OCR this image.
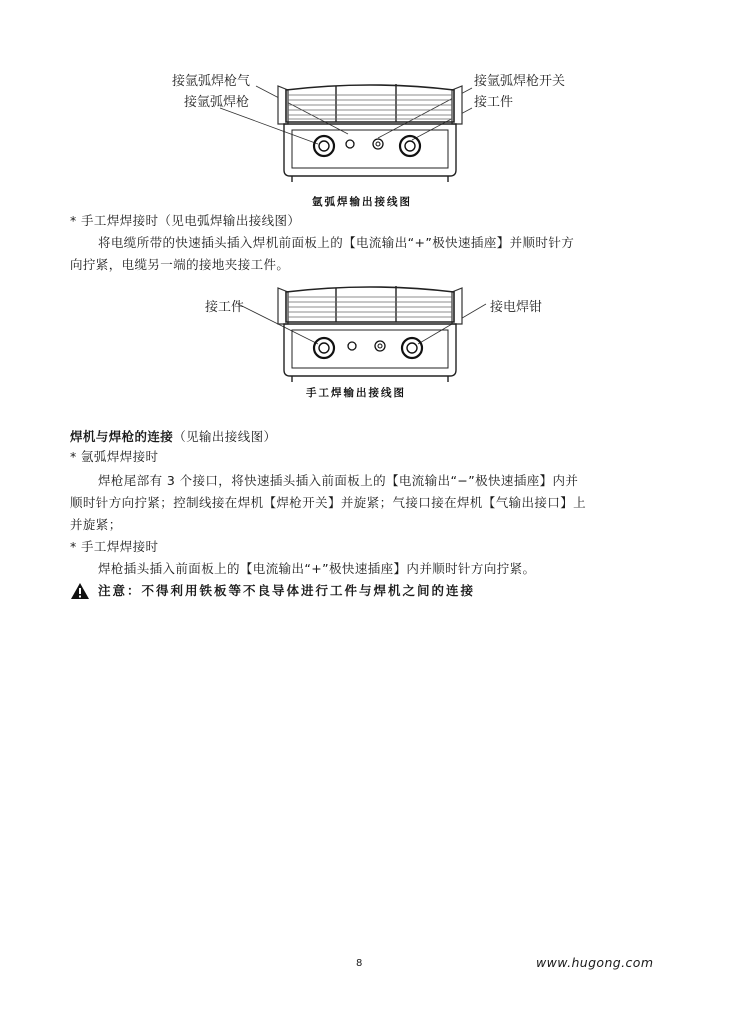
接氩弧焊枪气
接氩弧焊枪
接氩弧焊枪开关
接工件
氩弧焊输出接线图
* 手工焊焊接时（见电弧焊输出接线图）
将电缆所带的快速插头插入焊机前面板上的【电流输出“+”极快速插座】并顺时针方
向拧紧，电缆另一端的接地夹接工件。
接工件	接电焊钳
手工焊输出接线图
焊机与焊枪的连接（见输出接线图）
* 氩弧焊焊接时
焊枪尾部有 3 个接口，将快速插头插入前面板上的【电流输出“−”极快速插座】内并
顺时针方向拧紧；控制线接在焊机【焊枪开关】并旋紧；气接口接在焊机【气输出接口】上
并旋紧；
* 手工焊焊接时
焊枪插头插入前面板上的【电流输出“+”极快速插座】内并顺时针方向拧紧。
注意：不得利用铁板等不良导体进行工件与焊机之间的连接
8	www.hugong.com
